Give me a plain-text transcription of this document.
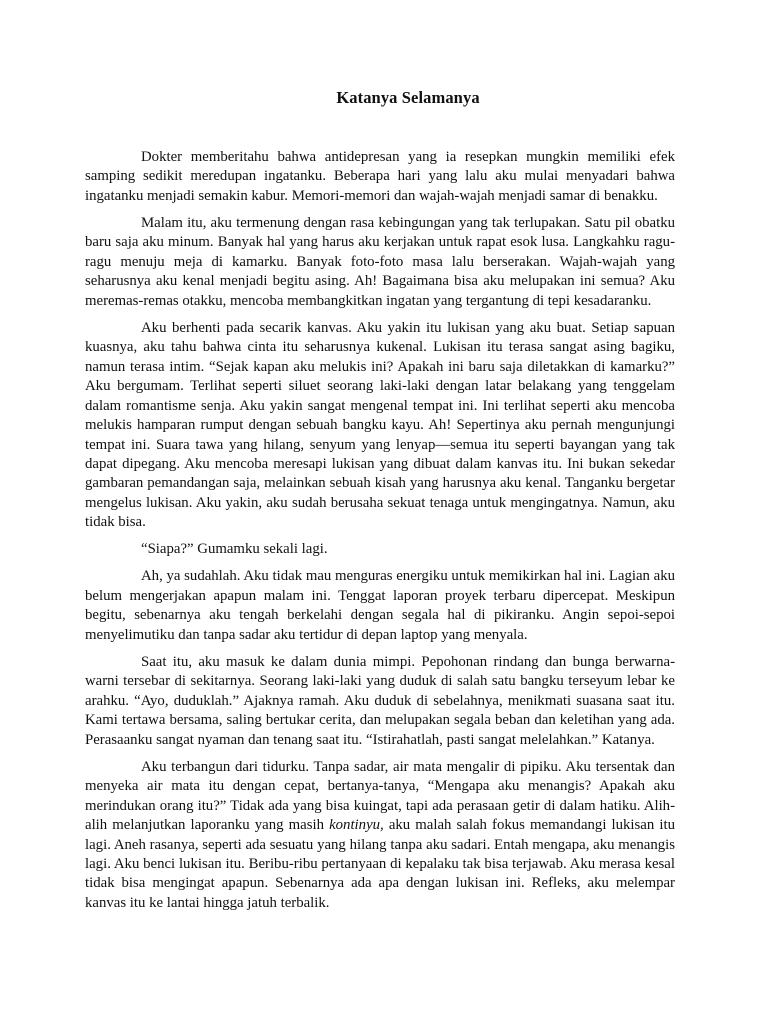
Katanya Selamanya

Dokter memberitahu bahwa antidepresan yang ia resepkan mungkin memiliki efek samping sedikit meredupan ingatanku. Beberapa hari yang lalu aku mulai menyadari bahwa ingatanku menjadi semakin kabur. Memori-memori dan wajah-wajah menjadi samar di benakku.

Malam itu, aku termenung dengan rasa kebingungan yang tak terlupakan. Satu pil obatku baru saja aku minum. Banyak hal yang harus aku kerjakan untuk rapat esok lusa. Langkahku ragu-ragu menuju meja di kamarku. Banyak foto-foto masa lalu berserakan. Wajah-wajah yang seharusnya aku kenal menjadi begitu asing. Ah! Bagaimana bisa aku melupakan ini semua? Aku meremas-remas otakku, mencoba membangkitkan ingatan yang tergantung di tepi kesadaranku.

Aku berhenti pada secarik kanvas. Aku yakin itu lukisan yang aku buat. Setiap sapuan kuasnya, aku tahu bahwa cinta itu seharusnya kukenal. Lukisan itu terasa sangat asing bagiku, namun terasa intim. “Sejak kapan aku melukis ini? Apakah ini baru saja diletakkan di kamarku?” Aku bergumam. Terlihat seperti siluet seorang laki-laki dengan latar belakang yang tenggelam dalam romantisme senja. Aku yakin sangat mengenal tempat ini. Ini terlihat seperti aku mencoba melukis hamparan rumput dengan sebuah bangku kayu. Ah! Sepertinya aku pernah mengunjungi tempat ini. Suara tawa yang hilang, senyum yang lenyap—semua itu seperti bayangan yang tak dapat dipegang. Aku mencoba meresapi lukisan yang dibuat dalam kanvas itu. Ini bukan sekedar gambaran pemandangan saja, melainkan sebuah kisah yang harusnya aku kenal. Tanganku bergetar mengelus lukisan. Aku yakin, aku sudah berusaha sekuat tenaga untuk mengingatnya. Namun, aku tidak bisa.

“Siapa?” Gumamku sekali lagi.

Ah, ya sudahlah. Aku tidak mau menguras energiku untuk memikirkan hal ini. Lagian aku belum mengerjakan apapun malam ini. Tenggat laporan proyek terbaru dipercepat. Meskipun begitu, sebenarnya aku tengah berkelahi dengan segala hal di pikiranku. Angin sepoi-sepoi menyelimutiku dan tanpa sadar aku tertidur di depan laptop yang menyala.

Saat itu, aku masuk ke dalam dunia mimpi. Pepohonan rindang dan bunga berwarna-warni tersebar di sekitarnya. Seorang laki-laki yang duduk di salah satu bangku terseyum lebar ke arahku. “Ayo, duduklah.” Ajaknya ramah. Aku duduk di sebelahnya, menikmati suasana saat itu. Kami tertawa bersama, saling bertukar cerita, dan melupakan segala beban dan keletihan yang ada. Perasaanku sangat nyaman dan tenang saat itu. “Istirahatlah, pasti sangat melelahkan.” Katanya.

Aku terbangun dari tidurku. Tanpa sadar, air mata mengalir di pipiku. Aku tersentak dan menyeka air mata itu dengan cepat, bertanya-tanya, “Mengapa aku menangis? Apakah aku merindukan orang itu?” Tidak ada yang bisa kuingat, tapi ada perasaan getir di dalam hatiku. Alih-alih melanjutkan laporanku yang masih kontinyu, aku malah salah fokus memandangi lukisan itu lagi. Aneh rasanya, seperti ada sesuatu yang hilang tanpa aku sadari. Entah mengapa, aku menangis lagi. Aku benci lukisan itu. Beribu-ribu pertanyaan di kepalaku tak bisa terjawab. Aku merasa kesal tidak bisa mengingat apapun. Sebenarnya ada apa dengan lukisan ini. Refleks, aku melempar kanvas itu ke lantai hingga jatuh terbalik.
